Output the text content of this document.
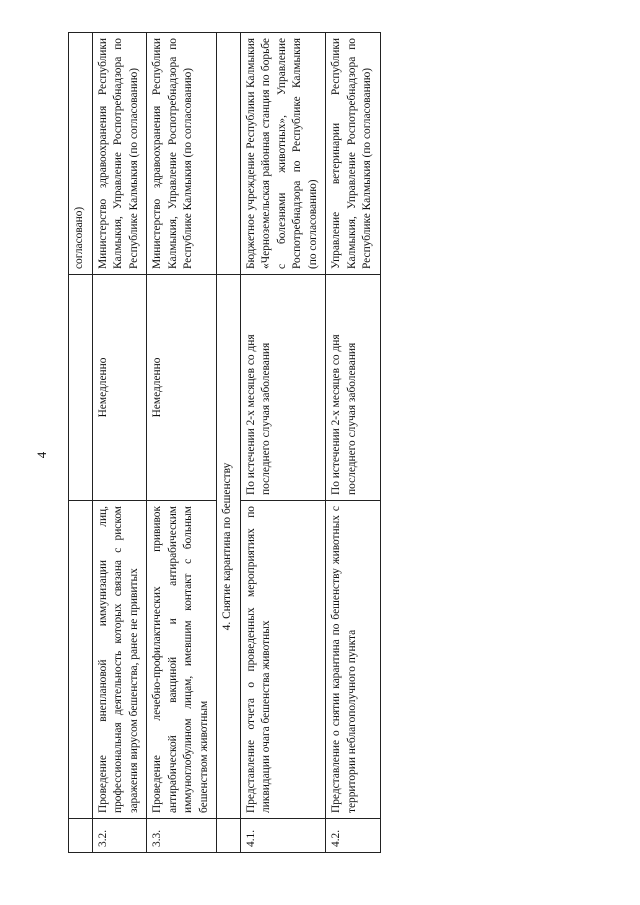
4
			согласовано)
3.2.	Проведение внеплановой иммунизации лиц, профессиональная деятельность которых связана с риском заражения вирусом бешенства, ранее не привитых	Немедленно	Министерство здравоохранения Республики Калмыкия, Управление Роспотребнадзора по Республике Калмыкия (по согласованию)
3.3.	Проведение лечебно-профилактических прививок антирабической вакциной и антирабическим иммуноглобулином лицам, имевшим контакт с больным бешенством животным	Немедленно	Министерство здравоохранения Республики Калмыкия, Управление Роспотребнадзора по Республике Калмыкия (по согласованию)
	4. Снятие карантина по бешенству		
4.1.	Представление отчета о проведенных мероприятиях по ликвидации очага бешенства животных	По истечении 2-х месяцев со дня последнего случая заболевания	Бюджетное учреждение Республики Калмыкия «Черноземельская районная станция по борьбе с болезнями животных», Управление Роспотребнадзора по Республике Калмыкия (по согласованию)
4.2.	Представление о снятии карантина по бешенству животных с территории неблагополучного пункта	По истечении 2-х месяцев со дня последнего случая заболевания	Управление ветеринарии Республики Калмыкия, Управление Роспотребнадзора по Республике Калмыкия (по согласованию)
